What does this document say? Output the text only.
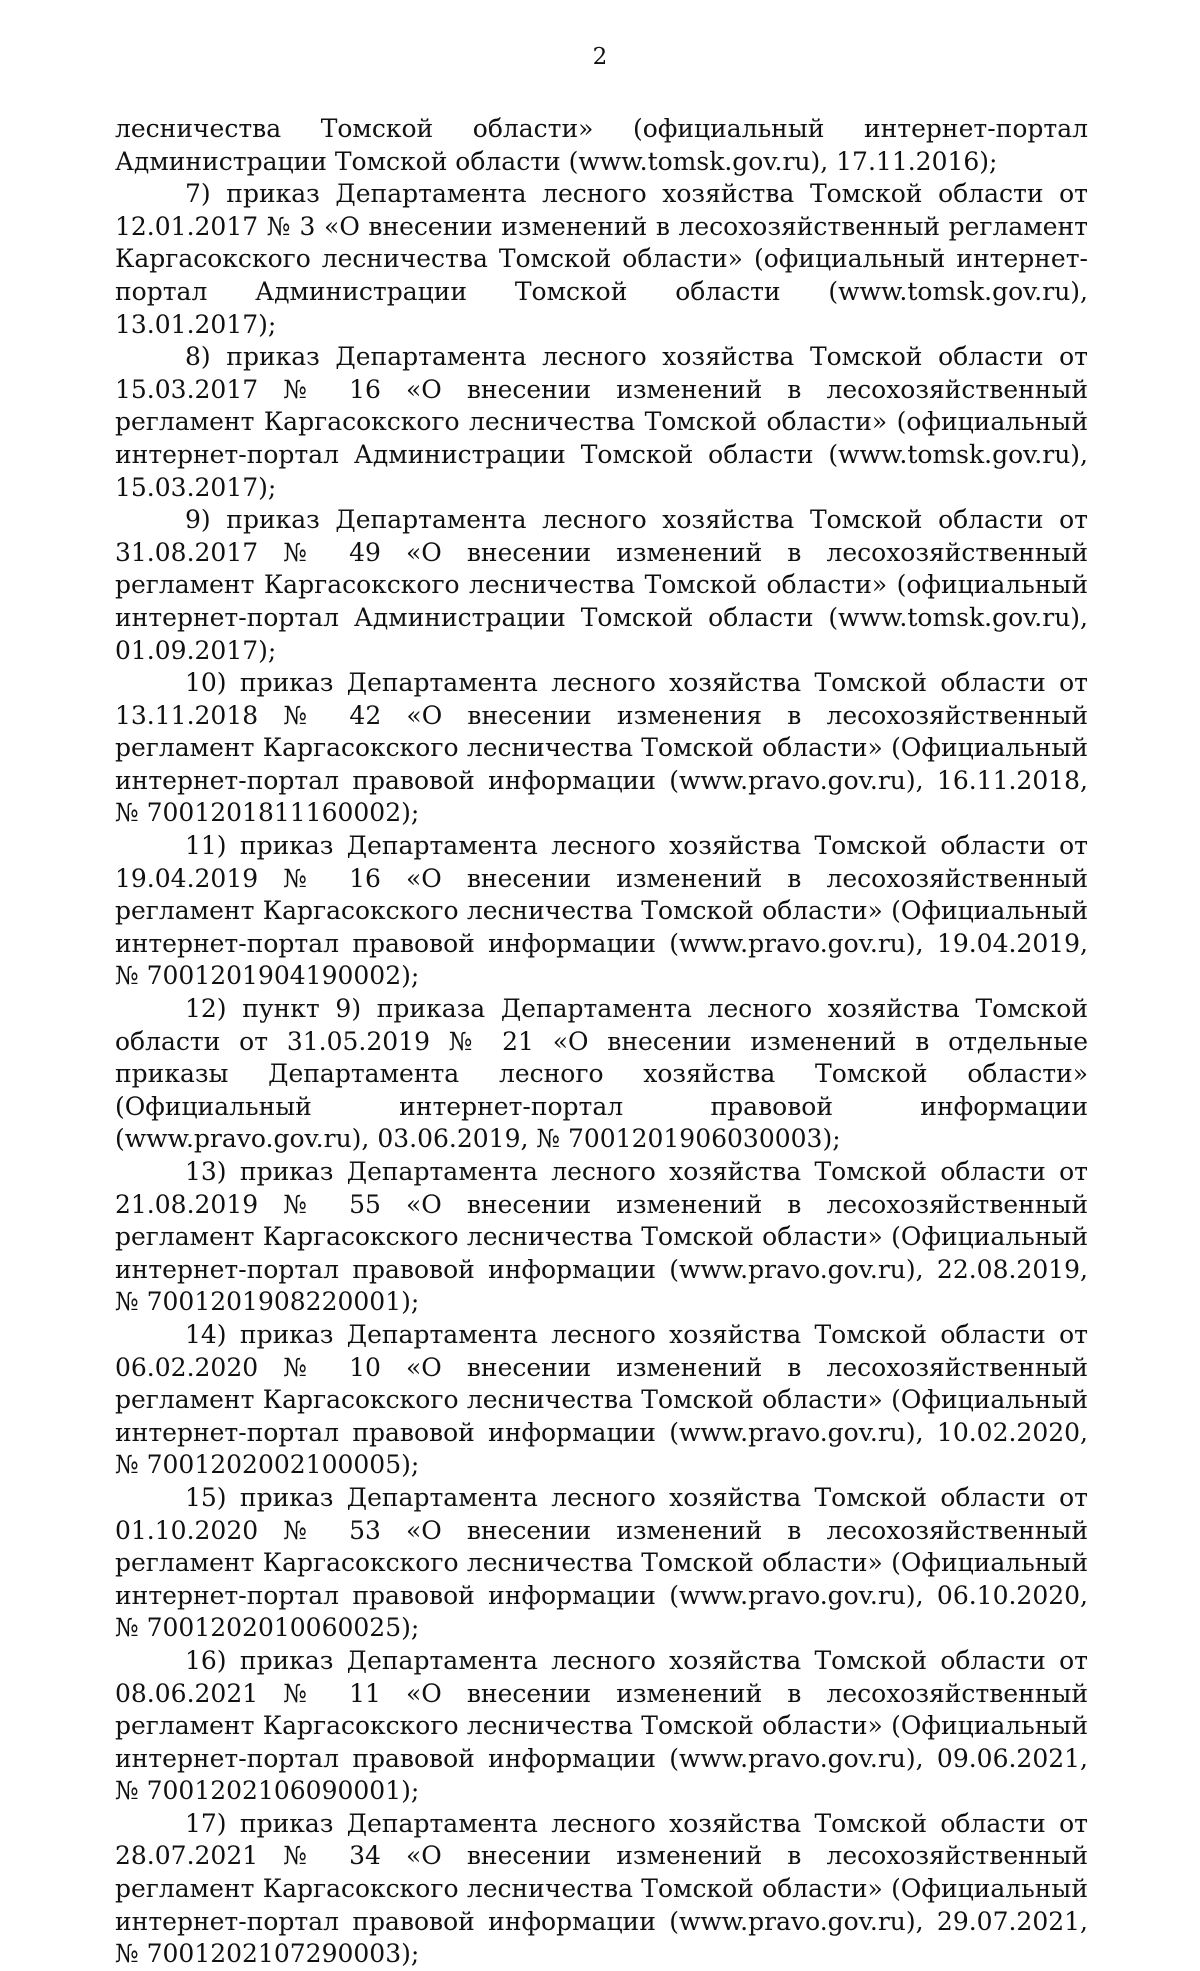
2

лесничества Томской области» (официальный интернет-портал Администрации Томской области (www.tomsk.gov.ru), 17.11.2016);

7) приказ Департамента лесного хозяйства Томской области от 12.01.2017 № 3 «О внесении изменений в лесохозяйственный регламент Каргасокского лесничества Томской области» (официальный интернет-портал Администрации Томской области (www.tomsk.gov.ru), 13.01.2017);

8) приказ Департамента лесного хозяйства Томской области от 15.03.2017 № 16 «О внесении изменений в лесохозяйственный регламент Каргасокского лесничества Томской области» (официальный интернет-портал Администрации Томской области (www.tomsk.gov.ru), 15.03.2017);

9) приказ Департамента лесного хозяйства Томской области от 31.08.2017 № 49 «О внесении изменений в лесохозяйственный регламент Каргасокского лесничества Томской области» (официальный интернет-портал Администрации Томской области (www.tomsk.gov.ru), 01.09.2017);

10) приказ Департамента лесного хозяйства Томской области от 13.11.2018 № 42 «О внесении изменения в лесохозяйственный регламент Каргасокского лесничества Томской области» (Официальный интернет-портал правовой информации (www.pravo.gov.ru), 16.11.2018, № 7001201811160002);

11) приказ Департамента лесного хозяйства Томской области от 19.04.2019 № 16 «О внесении изменений в лесохозяйственный регламент Каргасокского лесничества Томской области» (Официальный интернет-портал правовой информации (www.pravo.gov.ru), 19.04.2019, № 7001201904190002);

12) пункт 9) приказа Департамента лесного хозяйства Томской области от 31.05.2019 № 21 «О внесении изменений в отдельные приказы Департамента лесного хозяйства Томской области» (Официальный интернет-портал правовой информации (www.pravo.gov.ru), 03.06.2019, № 7001201906030003);

13) приказ Департамента лесного хозяйства Томской области от 21.08.2019 № 55 «О внесении изменений в лесохозяйственный регламент Каргасокского лесничества Томской области» (Официальный интернет-портал правовой информации (www.pravo.gov.ru), 22.08.2019, № 7001201908220001);

14) приказ Департамента лесного хозяйства Томской области от 06.02.2020 № 10 «О внесении изменений в лесохозяйственный регламент Каргасокского лесничества Томской области» (Официальный интернет-портал правовой информации (www.pravo.gov.ru), 10.02.2020, № 7001202002100005);

15) приказ Департамента лесного хозяйства Томской области от 01.10.2020 № 53 «О внесении изменений в лесохозяйственный регламент Каргасокского лесничества Томской области» (Официальный интернет-портал правовой информации (www.pravo.gov.ru), 06.10.2020, № 7001202010060025);

16) приказ Департамента лесного хозяйства Томской области от 08.06.2021 № 11 «О внесении изменений в лесохозяйственный регламент Каргасокского лесничества Томской области» (Официальный интернет-портал правовой информации (www.pravo.gov.ru), 09.06.2021, № 7001202106090001);

17) приказ Департамента лесного хозяйства Томской области от 28.07.2021 № 34 «О внесении изменений в лесохозяйственный регламент Каргасокского лесничества Томской области» (Официальный интернет-портал правовой информации (www.pravo.gov.ru), 29.07.2021, № 7001202107290003);
